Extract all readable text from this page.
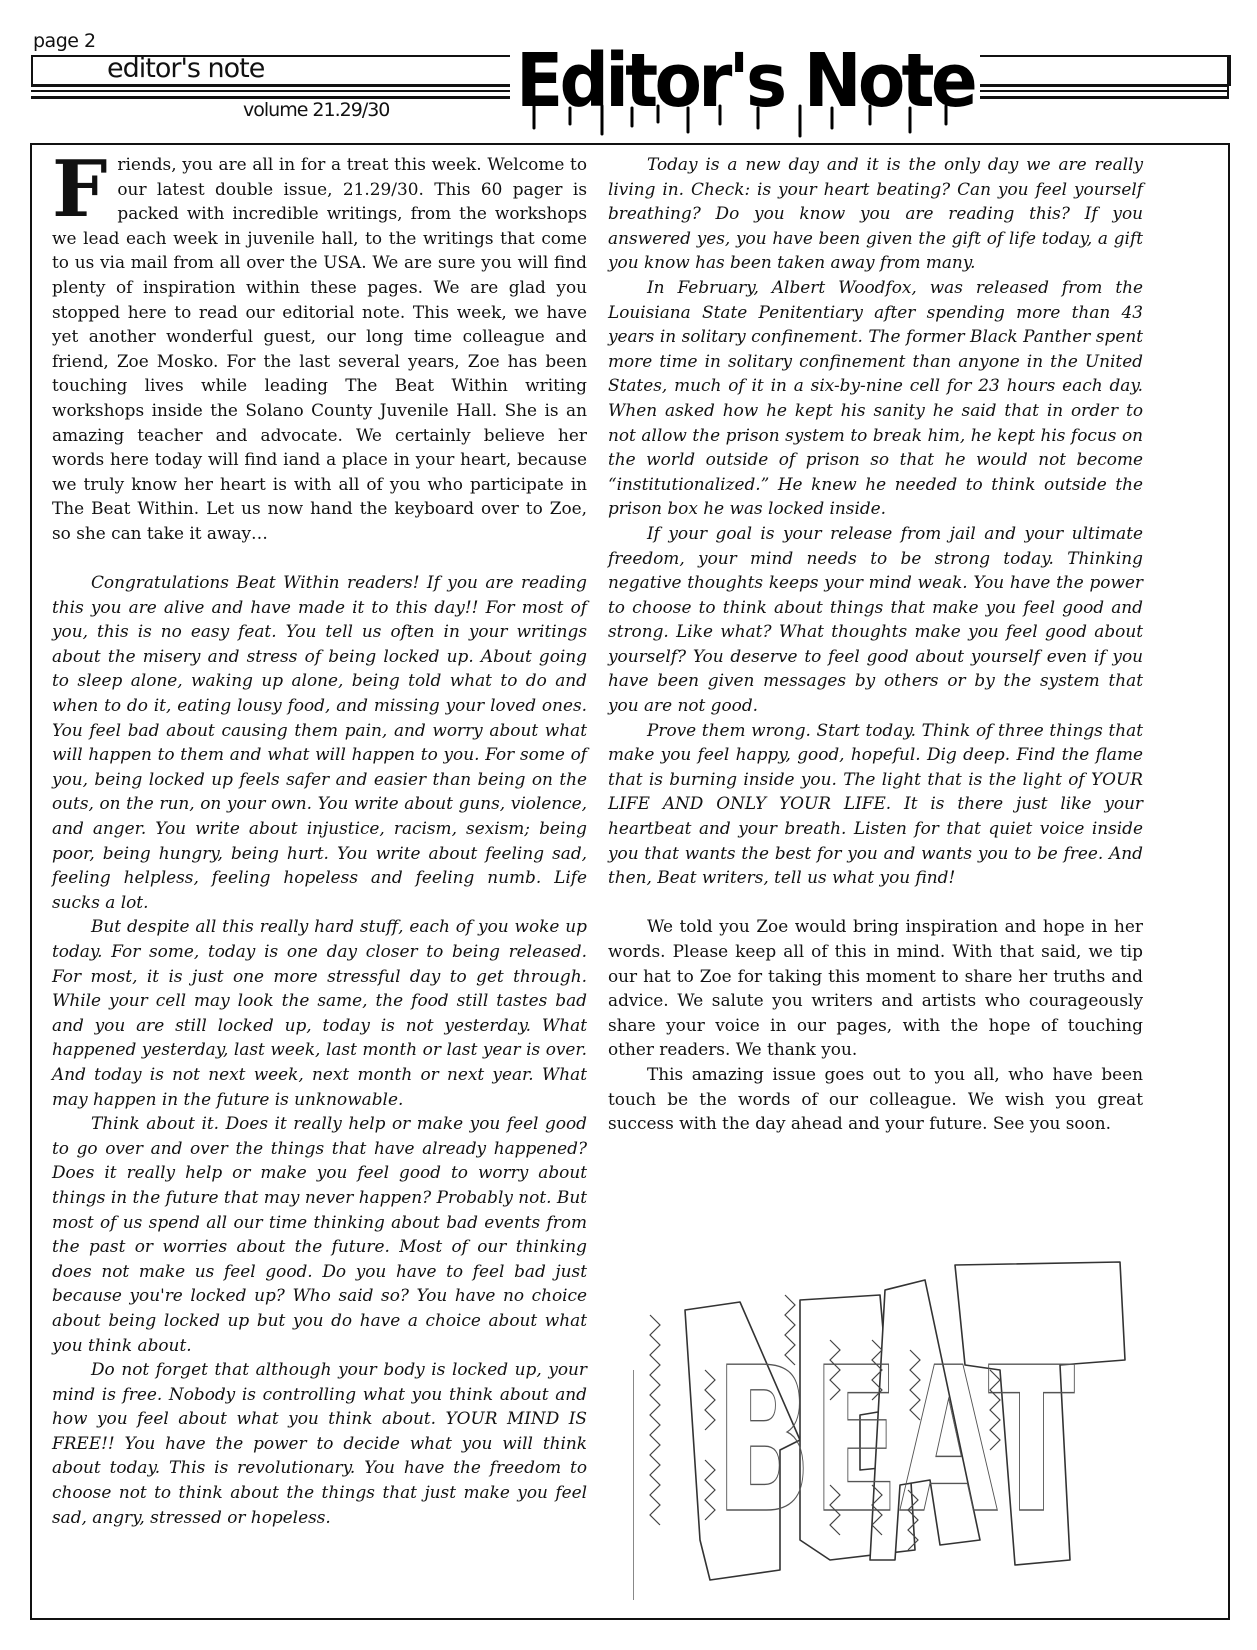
page 2
editor's note
volume 21.29/30 Editor's Note

Friends, you are all in for a treat this week. Welcome to our latest double issue, 21.29/30. This 60 pager is packed with incredible writings, from the workshops we lead each week in juvenile hall, to the writings that come to us via mail from all over the USA. We are sure you will find plenty of inspiration within these pages. We are glad you stopped here to read our editorial note. This week, we have yet another wonderful guest, our long time colleague and friend, Zoe Mosko. For the last several years, Zoe has been touching lives while leading The Beat Within writing workshops inside the Solano County Juvenile Hall. She is an amazing teacher and advocate. We certainly believe her words here today will find iand a place in your heart, because we truly know her heart is with all of you who participate in The Beat Within. Let us now hand the keyboard over to Zoe, so she can take it away…

Congratulations Beat Within readers! If you are reading this you are alive and have made it to this day!! For most of you, this is no easy feat. You tell us often in your writings about the misery and stress of being locked up. About going to sleep alone, waking up alone, being told what to do and when to do it, eating lousy food, and missing your loved ones. You feel bad about causing them pain, and worry about what will happen to them and what will happen to you. For some of you, being locked up feels safer and easier than being on the outs, on the run, on your own. You write about guns, violence, and anger. You write about injustice, racism, sexism; being poor, being hungry, being hurt. You write about feeling sad, feeling helpless, feeling hopeless and feeling numb. Life sucks a lot.

But despite all this really hard stuff, each of you woke up today. For some, today is one day closer to being released. For most, it is just one more stressful day to get through. While your cell may look the same, the food still tastes bad and you are still locked up, today is not yesterday. What happened yesterday, last week, last month or last year is over. And today is not next week, next month or next year. What may happen in the future is unknowable.

Think about it. Does it really help or make you feel good to go over and over the things that have already happened? Does it really help or make you feel good to worry about things in the future that may never happen? Probably not. But most of us spend all our time thinking about bad events from the past or worries about the future. Most of our thinking does not make us feel good. Do you have to feel bad just because you're locked up? Who said so? You have no choice about being locked up but you do have a choice about what you think about.

Do not forget that although your body is locked up, your mind is free. Nobody is controlling what you think about and how you feel about what you think about. YOUR MIND IS FREE!! You have the power to decide what you will think about today. This is revolutionary. You have the freedom to choose not to think about the things that just make you feel sad, angry, stressed or hopeless.

Today is a new day and it is the only day we are really living in. Check: is your heart beating? Can you feel yourself breathing? Do you know you are reading this? If you answered yes, you have been given the gift of life today, a gift you know has been taken away from many.

In February, Albert Woodfox, was released from the Louisiana State Penitentiary after spending more than 43 years in solitary confinement. The former Black Panther spent more time in solitary confinement than anyone in the United States, much of it in a six-by-nine cell for 23 hours each day. When asked how he kept his sanity he said that in order to not allow the prison system to break him, he kept his focus on the world outside of prison so that he would not become “institutionalized.” He knew he needed to think outside the prison box he was locked inside.

If your goal is your release from jail and your ultimate freedom, your mind needs to be strong today. Thinking negative thoughts keeps your mind weak. You have the power to choose to think about things that make you feel good and strong. Like what? What thoughts make you feel good about yourself? You deserve to feel good about yourself even if you have been given messages by others or by the system that you are not good.

Prove them wrong. Start today. Think of three things that make you feel happy, good, hopeful. Dig deep. Find the flame that is burning inside you. The light that is the light of YOUR LIFE AND ONLY YOUR LIFE. It is there just like your heartbeat and your breath. Listen for that quiet voice inside you that wants the best for you and wants you to be free. And then, Beat writers, tell us what you find!

We told you Zoe would bring inspiration and hope in her words. Please keep all of this in mind. With that said, we tip our hat to Zoe for taking this moment to share her truths and advice. We salute you writers and artists who courageously share your voice in our pages, with the hope of touching other readers. We thank you.

This amazing issue goes out to you all, who have been touch be the words of our colleague. We wish you great success with the day ahead and your future. See you soon.

BEAT
